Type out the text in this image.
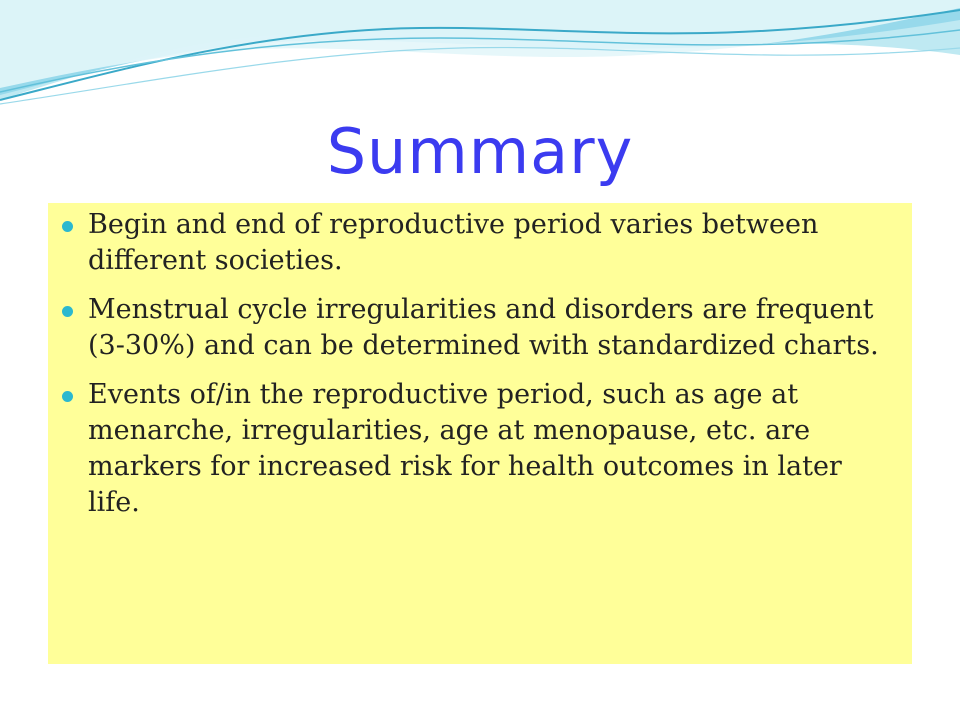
Summary
Begin and end of reproductive period varies between different societies.
Menstrual cycle irregularities and disorders are frequent (3-30%) and can be determined with standardized charts.
Events of/in the reproductive period, such as age at menarche, irregularities, age at menopause, etc. are markers for increased risk for health outcomes in later life.
